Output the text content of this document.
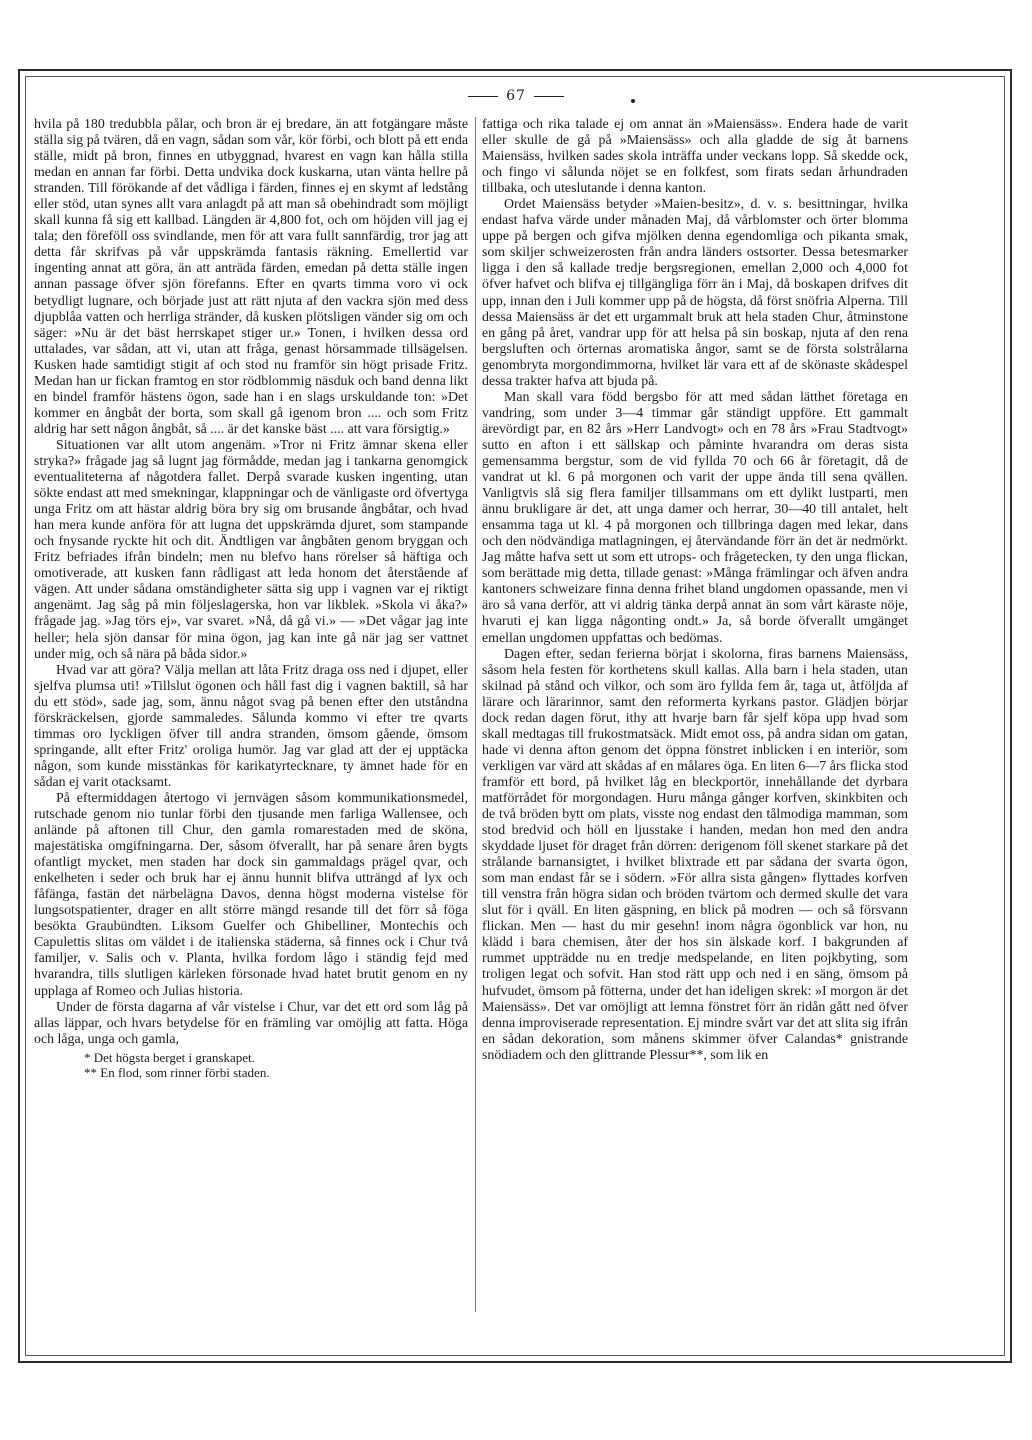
67

hvila på 180 tredubbla pålar, och bron är ej bredare, än att fotgängare måste ställa sig på tvären, då en vagn, sådan som vår, kör förbi, och blott på ett enda ställe, midt på bron, finnes en utbyggnad, hvarest en vagn kan hålla stilla medan en annan far förbi. Detta undvika dock kuskarna, utan vänta hellre på stranden. Till förökande af det vådliga i färden, finnes ej en skymt af ledstång eller stöd, utan synes allt vara anlagdt på att man så obehindradt som möjligt skall kunna få sig ett kallbad. Längden är 4,800 fot, och om höjden vill jag ej tala; den föreföll oss svindlande, men för att vara fullt sannfärdig, tror jag att detta får skrifvas på vår uppskrämda fantasis räkning. Emellertid var ingenting annat att göra, än att anträda färden, emedan på detta ställe ingen annan passage öfver sjön förefanns. Efter en qvarts timma voro vi ock betydligt lugnare, och började just att rätt njuta af den vackra sjön med dess djupblåa vatten och herrliga stränder, då kusken plötsligen vänder sig om och säger: »Nu är det bäst herrskapet stiger ur.» Tonen, i hvilken dessa ord uttalades, var sådan, att vi, utan att fråga, genast hörsammade tillsägelsen. Kusken hade samtidigt stigit af och stod nu framför sin högt prisade Fritz. Medan han ur fickan framtog en stor rödblommig näsduk och band denna likt en bindel framför hästens ögon, sade han i en slags urskuldande ton: »Det kommer en ångbåt der borta, som skall gå igenom bron .... och som Fritz aldrig har sett någon ångbåt, så .... är det kanske bäst .... att vara försigtig.»

Situationen var allt utom angenäm. »Tror ni Fritz ämnar skena eller stryka?» frågade jag så lugnt jag förmådde, medan jag i tankarna genomgick eventualiteterna af någotdera fallet. Derpå svarade kusken ingenting, utan sökte endast att med smekningar, klappningar och de vänligaste ord öfvertyga unga Fritz om att hästar aldrig böra bry sig om brusande ångbåtar, och hvad han mera kunde anföra för att lugna det uppskrämda djuret, som stampande och fnysande ryckte hit och dit. Ändtligen var ångbåten genom bryggan och Fritz befriades ifrån bindeln; men nu blefvo hans rörelser så häftiga och omotiverade, att kusken fann rådligast att leda honom det återstående af vägen. Att under sådana omständigheter sätta sig upp i vagnen var ej riktigt angenämt. Jag såg på min följeslagerska, hon var likblek. »Skola vi åka?» frågade jag. »Jag törs ej», var svaret. »Nå, då gå vi.» — »Det vågar jag inte heller; hela sjön dansar för mina ögon, jag kan inte gå när jag ser vattnet under mig, och så nära på båda sidor.»

Hvad var att göra? Välja mellan att låta Fritz draga oss ned i djupet, eller sjelfva plumsa uti! »Tillslut ögonen och håll fast dig i vagnen baktill, så har du ett stöd», sade jag, som, ännu något svag på benen efter den utståndna förskräckelsen, gjorde sammaledes. Sålunda kommo vi efter tre qvarts timmas oro lyckligen öfver till andra stranden, ömsom gående, ömsom springande, allt efter Fritz' oroliga humör. Jag var glad att der ej upptäcka någon, som kunde misstänkas för karikatyrtecknare, ty ämnet hade för en sådan ej varit otacksamt.

På eftermiddagen återtogo vi jernvägen såsom kommunikationsmedel, rutschade genom nio tunlar förbi den tjusande men farliga Wallensee, och anlände på aftonen till Chur, den gamla romarestaden med de sköna, majestätiska omgifningarna. Der, såsom öfverallt, har på senare åren bygts ofantligt mycket, men staden har dock sin gammaldags prägel qvar, och enkelheten i seder och bruk har ej ännu hunnit blifva utträngd af lyx och fåfänga, fastän det närbelägna Davos, denna högst moderna vistelse för lungsotspatienter, drager en allt större mängd resande till det förr så föga besökta Graubündten. Liksom Guelfer och Ghibelliner, Montechis och Capulettis slitas om väldet i de italienska städerna, så finnes ock i Chur två familjer, v. Salis och v. Planta, hvilka fordom lågo i ständig fejd med hvarandra, tills slutligen kärleken försonade hvad hatet brutit genom en ny upplaga af Romeo och Julias historia.

Under de första dagarna af vår vistelse i Chur, var det ett ord som låg på allas läppar, och hvars betydelse för en främling var omöjlig att fatta. Höga och låga, unga och gamla,

* Det högsta berget i granskapet.
** En flod, som rinner förbi staden.

fattiga och rika talade ej om annat än »Maiensäss». Endera hade de varit eller skulle de gå på »Maiensäss» och alla gladde de sig åt barnens Maiensäss, hvilken sades skola inträffa under veckans lopp. Så skedde ock, och fingo vi sålunda nöjet se en folkfest, som firats sedan århundraden tillbaka, och uteslutande i denna kanton.

Ordet Maiensäss betyder »Maien-besitz», d. v. s. besittningar, hvilka endast hafva värde under månaden Maj, då vårblomster och örter blomma uppe på bergen och gifva mjölken denna egendomliga och pikanta smak, som skiljer schweizerosten från andra länders ostsorter. Dessa betesmarker ligga i den så kallade tredje bergsregionen, emellan 2,000 och 4,000 fot öfver hafvet och blifva ej tillgängliga förr än i Maj, då boskapen drifves dit upp, innan den i Juli kommer upp på de högsta, då först snöfria Alperna. Till dessa Maiensäss är det ett urgammalt bruk att hela staden Chur, åtminstone en gång på året, vandrar upp för att helsa på sin boskap, njuta af den rena bergsluften och örternas aromatiska ångor, samt se de första solstrålarna genombryta morgondimmorna, hvilket lär vara ett af de skönaste skådespel dessa trakter hafva att bjuda på.

Man skall vara född bergsbo för att med sådan lätthet företaga en vandring, som under 3—4 timmar går ständigt uppföre. Ett gammalt ärevördigt par, en 82 års »Herr Landvogt» och en 78 års »Frau Stadtvogt» sutto en afton i ett sällskap och påminte hvarandra om deras sista gemensamma bergstur, som de vid fyllda 70 och 66 år företagit, då de vandrat ut kl. 6 på morgonen och varit der uppe ända till sena qvällen. Vanligtvis slå sig flera familjer tillsammans om ett dylikt lustparti, men ännu brukligare är det, att unga damer och herrar, 30—40 till antalet, helt ensamma taga ut kl. 4 på morgonen och tillbringa dagen med lekar, dans och den nödvändiga matlagningen, ej återvändande förr än det är nedmörkt. Jag måtte hafva sett ut som ett utrops- och frågetecken, ty den unga flickan, som berättade mig detta, tillade genast: »Många främlingar och äfven andra kantoners schweizare finna denna frihet bland ungdomen opassande, men vi äro så vana derför, att vi aldrig tänka derpå annat än som vårt käraste nöje, hvaruti ej kan ligga någonting ondt.» Ja, så borde öfverallt umgänget emellan ungdomen uppfattas och bedömas.

Dagen efter, sedan ferierna börjat i skolorna, firas barnens Maiensäss, såsom hela festen för korthetens skull kallas. Alla barn i hela staden, utan skilnad på stånd och vilkor, och som äro fyllda fem år, taga ut, åtföljda af lärare och lärarinnor, samt den reformerta kyrkans pastor. Glädjen börjar dock redan dagen förut, ithy att hvarje barn får sjelf köpa upp hvad som skall medtagas till frukostmatsäck. Midt emot oss, på andra sidan om gatan, hade vi denna afton genom det öppna fönstret inblicken i en interiör, som verkligen var värd att skådas af en målares öga. En liten 6—7 års flicka stod framför ett bord, på hvilket låg en bleckportör, innehållande det dyrbara matförrådet för morgondagen. Huru många gånger korfven, skinkbiten och de två bröden bytt om plats, visste nog endast den tålmodiga mamman, som stod bredvid och höll en ljusstake i handen, medan hon med den andra skyddade ljuset för draget från dörren: derigenom föll skenet starkare på det strålande barnansigtet, i hvilket blixtrade ett par sådana der svarta ögon, som man endast får se i södern. »För allra sista gången» flyttades korfven till venstra från högra sidan och bröden tvärtom och dermed skulle det vara slut för i qväll. En liten gäspning, en blick på modren — och så försvann flickan. Men — hast du mir gesehn! inom några ögonblick var hon, nu klädd i bara chemisen, åter der hos sin älskade korf. I bakgrunden af rummet uppträdde nu en tredje medspelande, en liten pojkbyting, som troligen legat och sofvit. Han stod rätt upp och ned i en säng, ömsom på hufvudet, ömsom på fötterna, under det han ideligen skrek: »I morgon är det Maiensäss». Det var omöjligt att lemna fönstret förr än ridån gått ned öfver denna improviserade representation. Ej mindre svårt var det att slita sig ifrån en sådan dekoration, som månens skimmer öfver Calandas* gnistrande snödiadem och den glittrande Plessur**, som lik en
